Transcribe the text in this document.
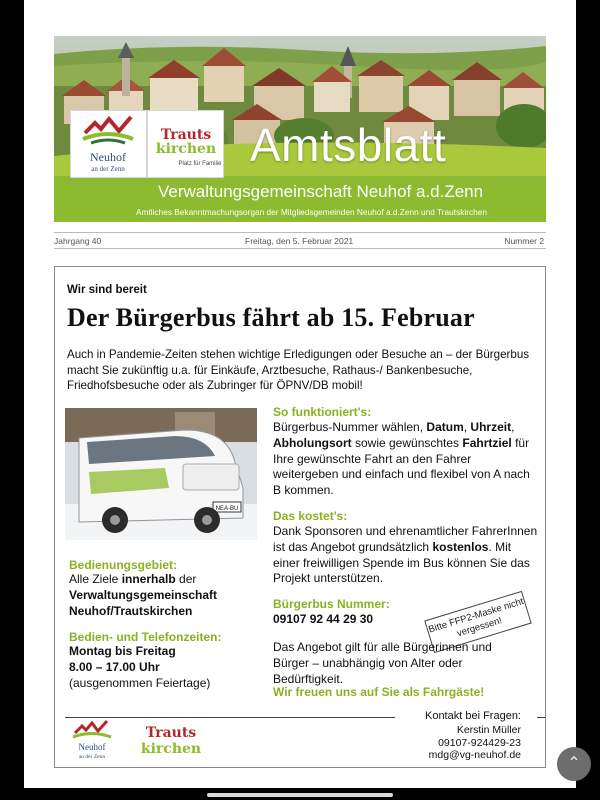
Neuhof
an der Zenn
Trauts
kirchen
Platz für Familie Amtsblatt
Verwaltungsgemeinschaft Neuhof a.d.Zenn
Amtliches Bekanntmachungsorgan der Mitgliedsgemeinden Neuhof a.d.Zenn und Trautskirchen
Jahrgang 40	Freitag, den 5. Februar 2021	Nummer 2
Wir sind bereit
Der Bürgerbus fährt ab 15. Februar
Auch in Pandemie-Zeiten stehen wichtige Erledigungen oder Besuche an – der Bürgerbus macht Sie zukünftig u.a. für Einkäufe, Arztbesuche, Rathaus-/ Bankenbesuche, Friedhofsbesuche oder als Zubringer für ÖPNV/DB mobil!
NEA-BU
Bedienungsgebiet:
Alle Ziele innerhalb der
Verwaltungsgemeinschaft Neuhof/Trautskirchen
Bedien- und Telefonzeiten:
Montag bis Freitag
8.00 – 17.00 Uhr
(ausgenommen Feiertage)
So funktioniert's:
Bürgerbus-Nummer wählen, Datum, Uhrzeit, Abholungsort sowie gewünschtes Fahrtziel für Ihre gewünschte Fahrt an den Fahrer weitergeben und einfach und flexibel von A nach B kommen.
Das kostet's:
Dank Sponsoren und ehrenamtlicher FahrerInnen ist das Angebot grundsätzlich kostenlos. Mit einer freiwilligen Spende im Bus können Sie das Projekt unterstützen.
Bürgerbus Nummer:
09107 92 44 29 30	Bitte FFP2-Maske nicht vergessen!
Das Angebot gilt für alle Bürgerinnen und Bürger – unabhängig von Alter oder Bedürftigkeit.
Wir freuen uns auf Sie als Fahrgäste!
Neuhof
an der Zenn
Trauts
kirchen
Kontakt bei Fragen:
Kerstin Müller
09107-924429-23
mdg@vg-neuhof.de	⌃
